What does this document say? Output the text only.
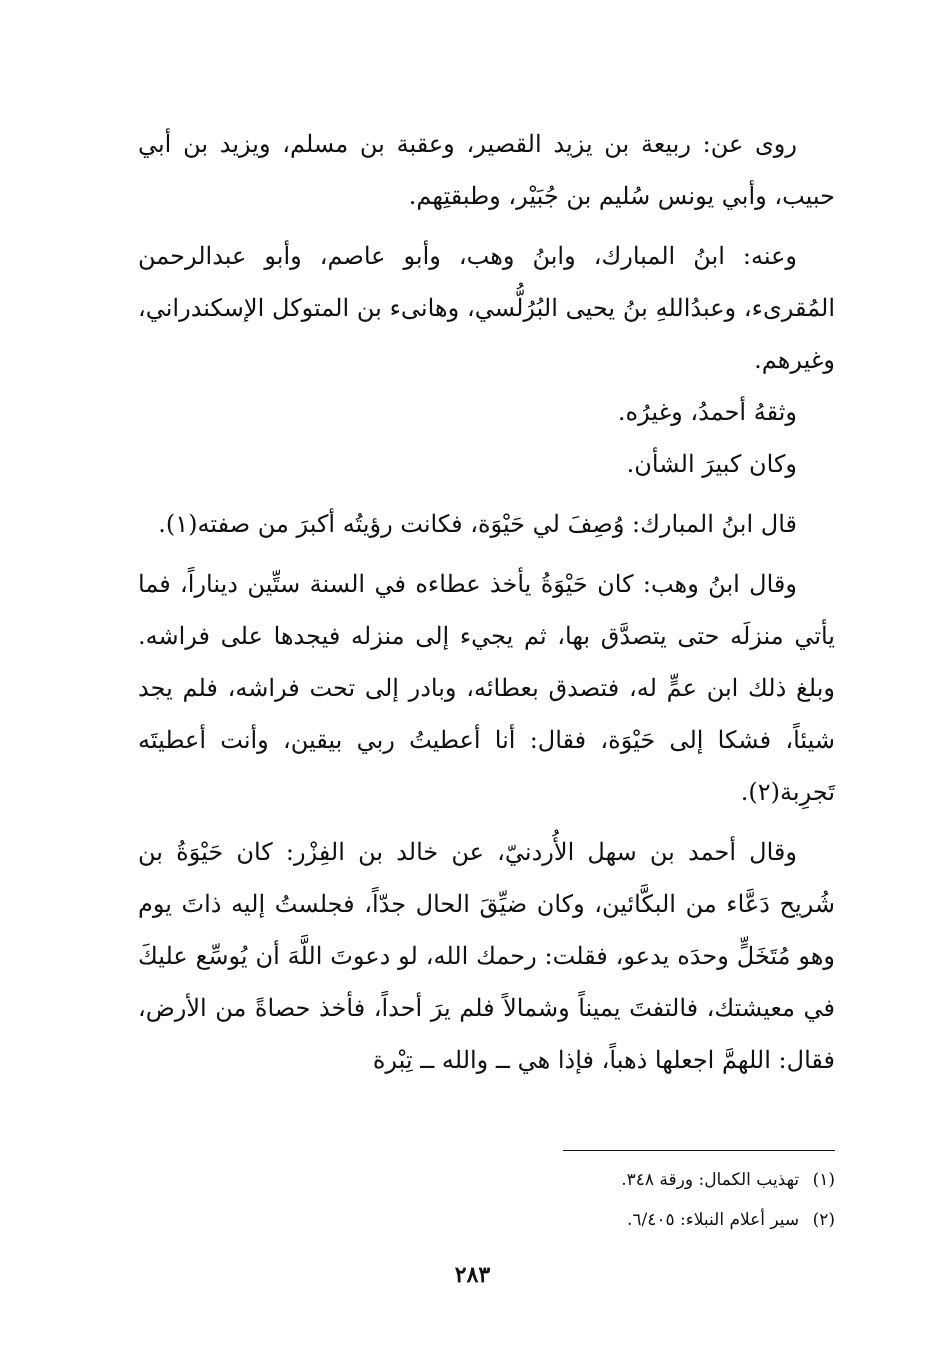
روى عن: ربيعة بن يزيد القصير، وعقبة بن مسلم، ويزيد بن أبي حبيب، وأبي يونس سُليم بن جُبَيْر، وطبقتِهم.

وعنه: ابنُ المبارك، وابنُ وهب، وأبو عاصم، وأبو عبدالرحمن المُقرىء، وعبدُاللهِ بنُ يحيى البُرُلُّسي، وهانىء بن المتوكل الإسكندراني، وغيرهم.

وثقهُ أحمدُ، وغيرُه.

وكان كبيرَ الشأن.

قال ابنُ المبارك: وُصِفَ لي حَيْوَة، فكانت رؤيتُه أكبرَ من صفته(١).

وقال ابنُ وهب: كان حَيْوَةُ يأخذ عطاءه في السنة ستِّين ديناراً، فما يأتي منزلَه حتى يتصدَّق بها، ثم يجيء إلى منزله فيجدها على فراشه. وبلغ ذلك ابن عمٍّ له، فتصدق بعطائه، وبادر إلى تحت فراشه، فلم يجد شيئاً، فشكا إلى حَيْوَة، فقال: أنا أعطيتُ ربي بيقين، وأنت أعطيتَه تَجرِبة(٢).

وقال أحمد بن سهل الأُردنيّ، عن خالد بن الفِزْر: كان حَيْوَةُ بن شُريح دَعَّاء من البكَّائين، وكان ضيِّقَ الحال جدّاً، فجلستُ إليه ذاتَ يوم وهو مُتَخَلٍّ وحدَه يدعو، فقلت: رحمك الله، لو دعوتَ اللَّهَ أن يُوسِّع عليكَ في معيشتك، فالتفتَ يميناً وشمالاً فلم يرَ أحداً، فأخذ حصاةً من الأرض، فقال: اللهمَّ اجعلها ذهباً، فإذا هي ــ والله ــ تِبْرة

(١) تهذيب الكمال: ورقة ٣٤٨.

(٢) سير أعلام النبلاء: ٦/٤٠٥.

٢٨٣
